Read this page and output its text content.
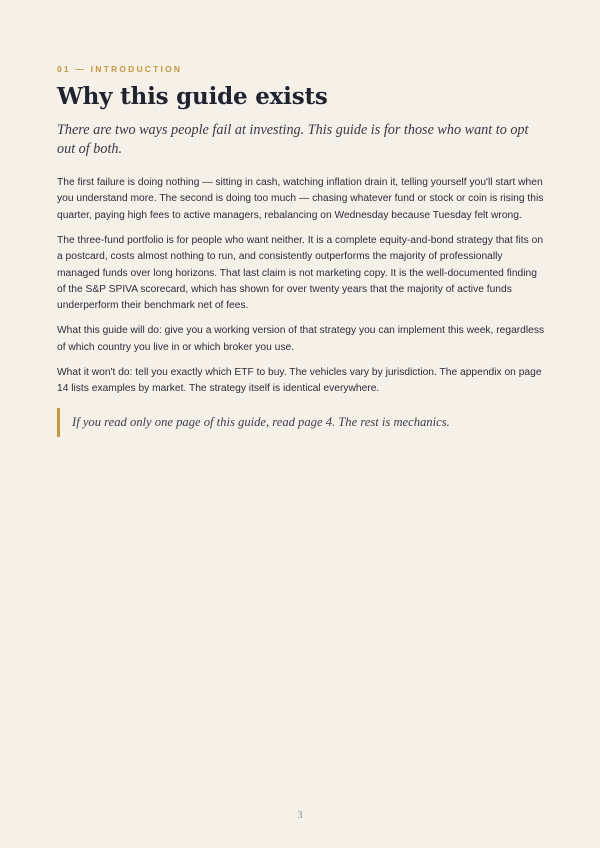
01 — INTRODUCTION
Why this guide exists

There are two ways people fail at investing. This guide is for those who want to opt out of both.

The first failure is doing nothing — sitting in cash, watching inflation drain it, telling yourself you'll start when you understand more. The second is doing too much — chasing whatever fund or stock or coin is rising this quarter, paying high fees to active managers, rebalancing on Wednesday because Tuesday felt wrong.

The three-fund portfolio is for people who want neither. It is a complete equity-and-bond strategy that fits on a postcard, costs almost nothing to run, and consistently outperforms the majority of professionally managed funds over long horizons. That last claim is not marketing copy. It is the well-documented finding of the S&P SPIVA scorecard, which has shown for over twenty years that the majority of active funds underperform their benchmark net of fees.

What this guide will do: give you a working version of that strategy you can implement this week, regardless of which country you live in or which broker you use.

What it won't do: tell you exactly which ETF to buy. The vehicles vary by jurisdiction. The appendix on page 14 lists examples by market. The strategy itself is identical everywhere.

If you read only one page of this guide, read page 4. The rest is mechanics.
3
